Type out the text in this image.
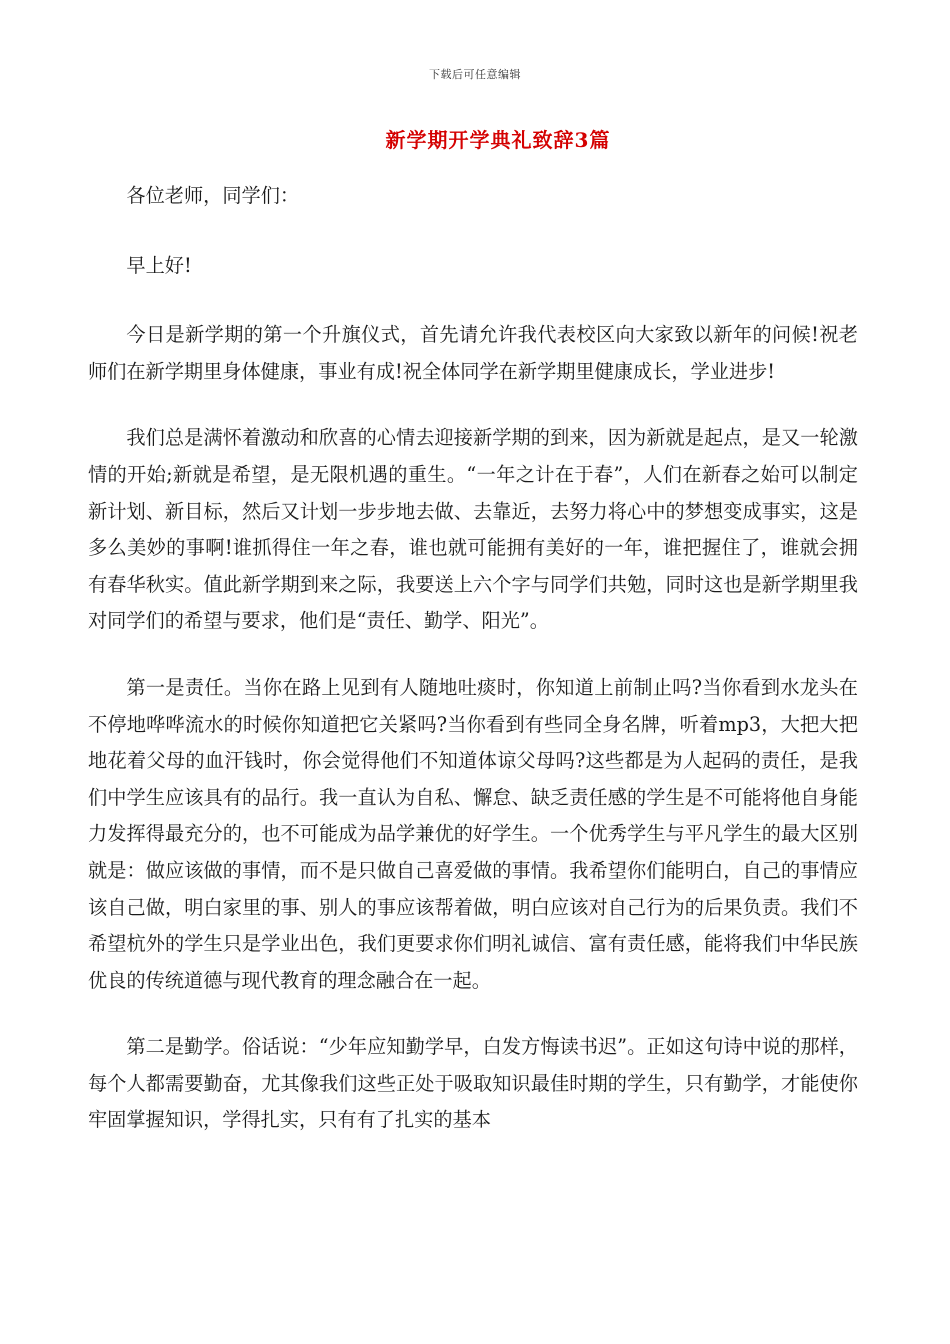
下载后可任意编辑
新学期开学典礼致辞3篇

各位老师，同学们：

早上好!

今日是新学期的第一个升旗仪式，首先请允许我代表校区向大家致以新年的问候!祝老师们在新学期里身体健康，事业有成!祝全体同学在新学期里健康成长，学业进步!

我们总是满怀着激动和欣喜的心情去迎接新学期的到来，因为新就是起点，是又一轮激情的开始;新就是希望，是无限机遇的重生。“一年之计在于春”，人们在新春之始可以制定新计划、新目标，然后又计划一步步地去做、去靠近，去努力将心中的梦想变成事实，这是多么美妙的事啊!谁抓得住一年之春，谁也就可能拥有美好的一年，谁把握住了，谁就会拥有春华秋实。值此新学期到来之际，我要送上六个字与同学们共勉，同时这也是新学期里我对同学们的希望与要求，他们是“责任、勤学、阳光”。

第一是责任。当你在路上见到有人随地吐痰时，你知道上前制止吗?当你看到水龙头在不停地哗哗流水的时候你知道把它关紧吗?当你看到有些同全身名牌，听着mp3，大把大把地花着父母的血汗钱时，你会觉得他们不知道体谅父母吗?这些都是为人起码的责任，是我们中学生应该具有的品行。我一直认为自私、懈怠、缺乏责任感的学生是不可能将他自身能力发挥得最充分的，也不可能成为品学兼优的好学生。一个优秀学生与平凡学生的最大区别就是：做应该做的事情，而不是只做自己喜爱做的事情。我希望你们能明白，自己的事情应该自己做，明白家里的事、别人的事应该帮着做，明白应该对自己行为的后果负责。我们不希望杭外的学生只是学业出色，我们更要求你们明礼诚信、富有责任感，能将我们中华民族优良的传统道德与现代教育的理念融合在一起。

第二是勤学。俗话说：“少年应知勤学早，白发方悔读书迟”。正如这句诗中说的那样，每个人都需要勤奋，尤其像我们这些正处于吸取知识最佳时期的学生，只有勤学，才能使你牢固掌握知识，学得扎实，只有有了扎实的基本
